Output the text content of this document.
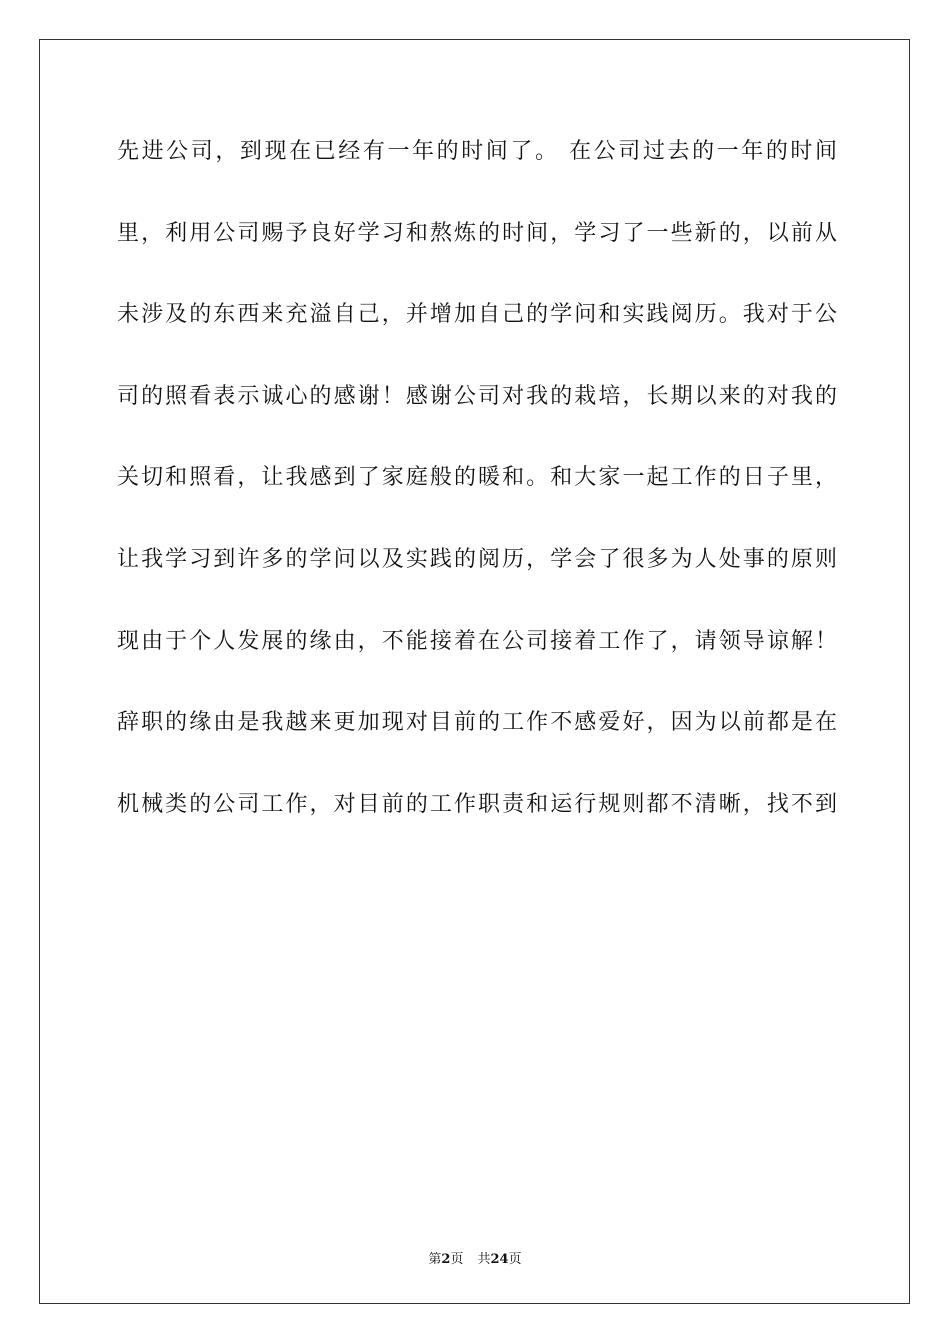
先进公司，到现在已经有一年的时间了。 在公司过去的一年的时间
里，利用公司赐予良好学习和熬炼的时间，学习了一些新的，以前从
未涉及的东西来充溢自己，并增加自己的学问和实践阅历。我对于公
司的照看表示诚心的感谢！感谢公司对我的栽培，长期以来的对我的
关切和照看，让我感到了家庭般的暖和。和大家一起工作的日子里，
让我学习到许多的学问以及实践的阅历，学会了很多为人处事的原则
现由于个人发展的缘由，不能接着在公司接着工作了，请领导谅解！
辞职的缘由是我越来更加现对目前的工作不感爱好，因为以前都是在
机械类的公司工作，对目前的工作职责和运行规则都不清晰，找不到
第2页 共24页
